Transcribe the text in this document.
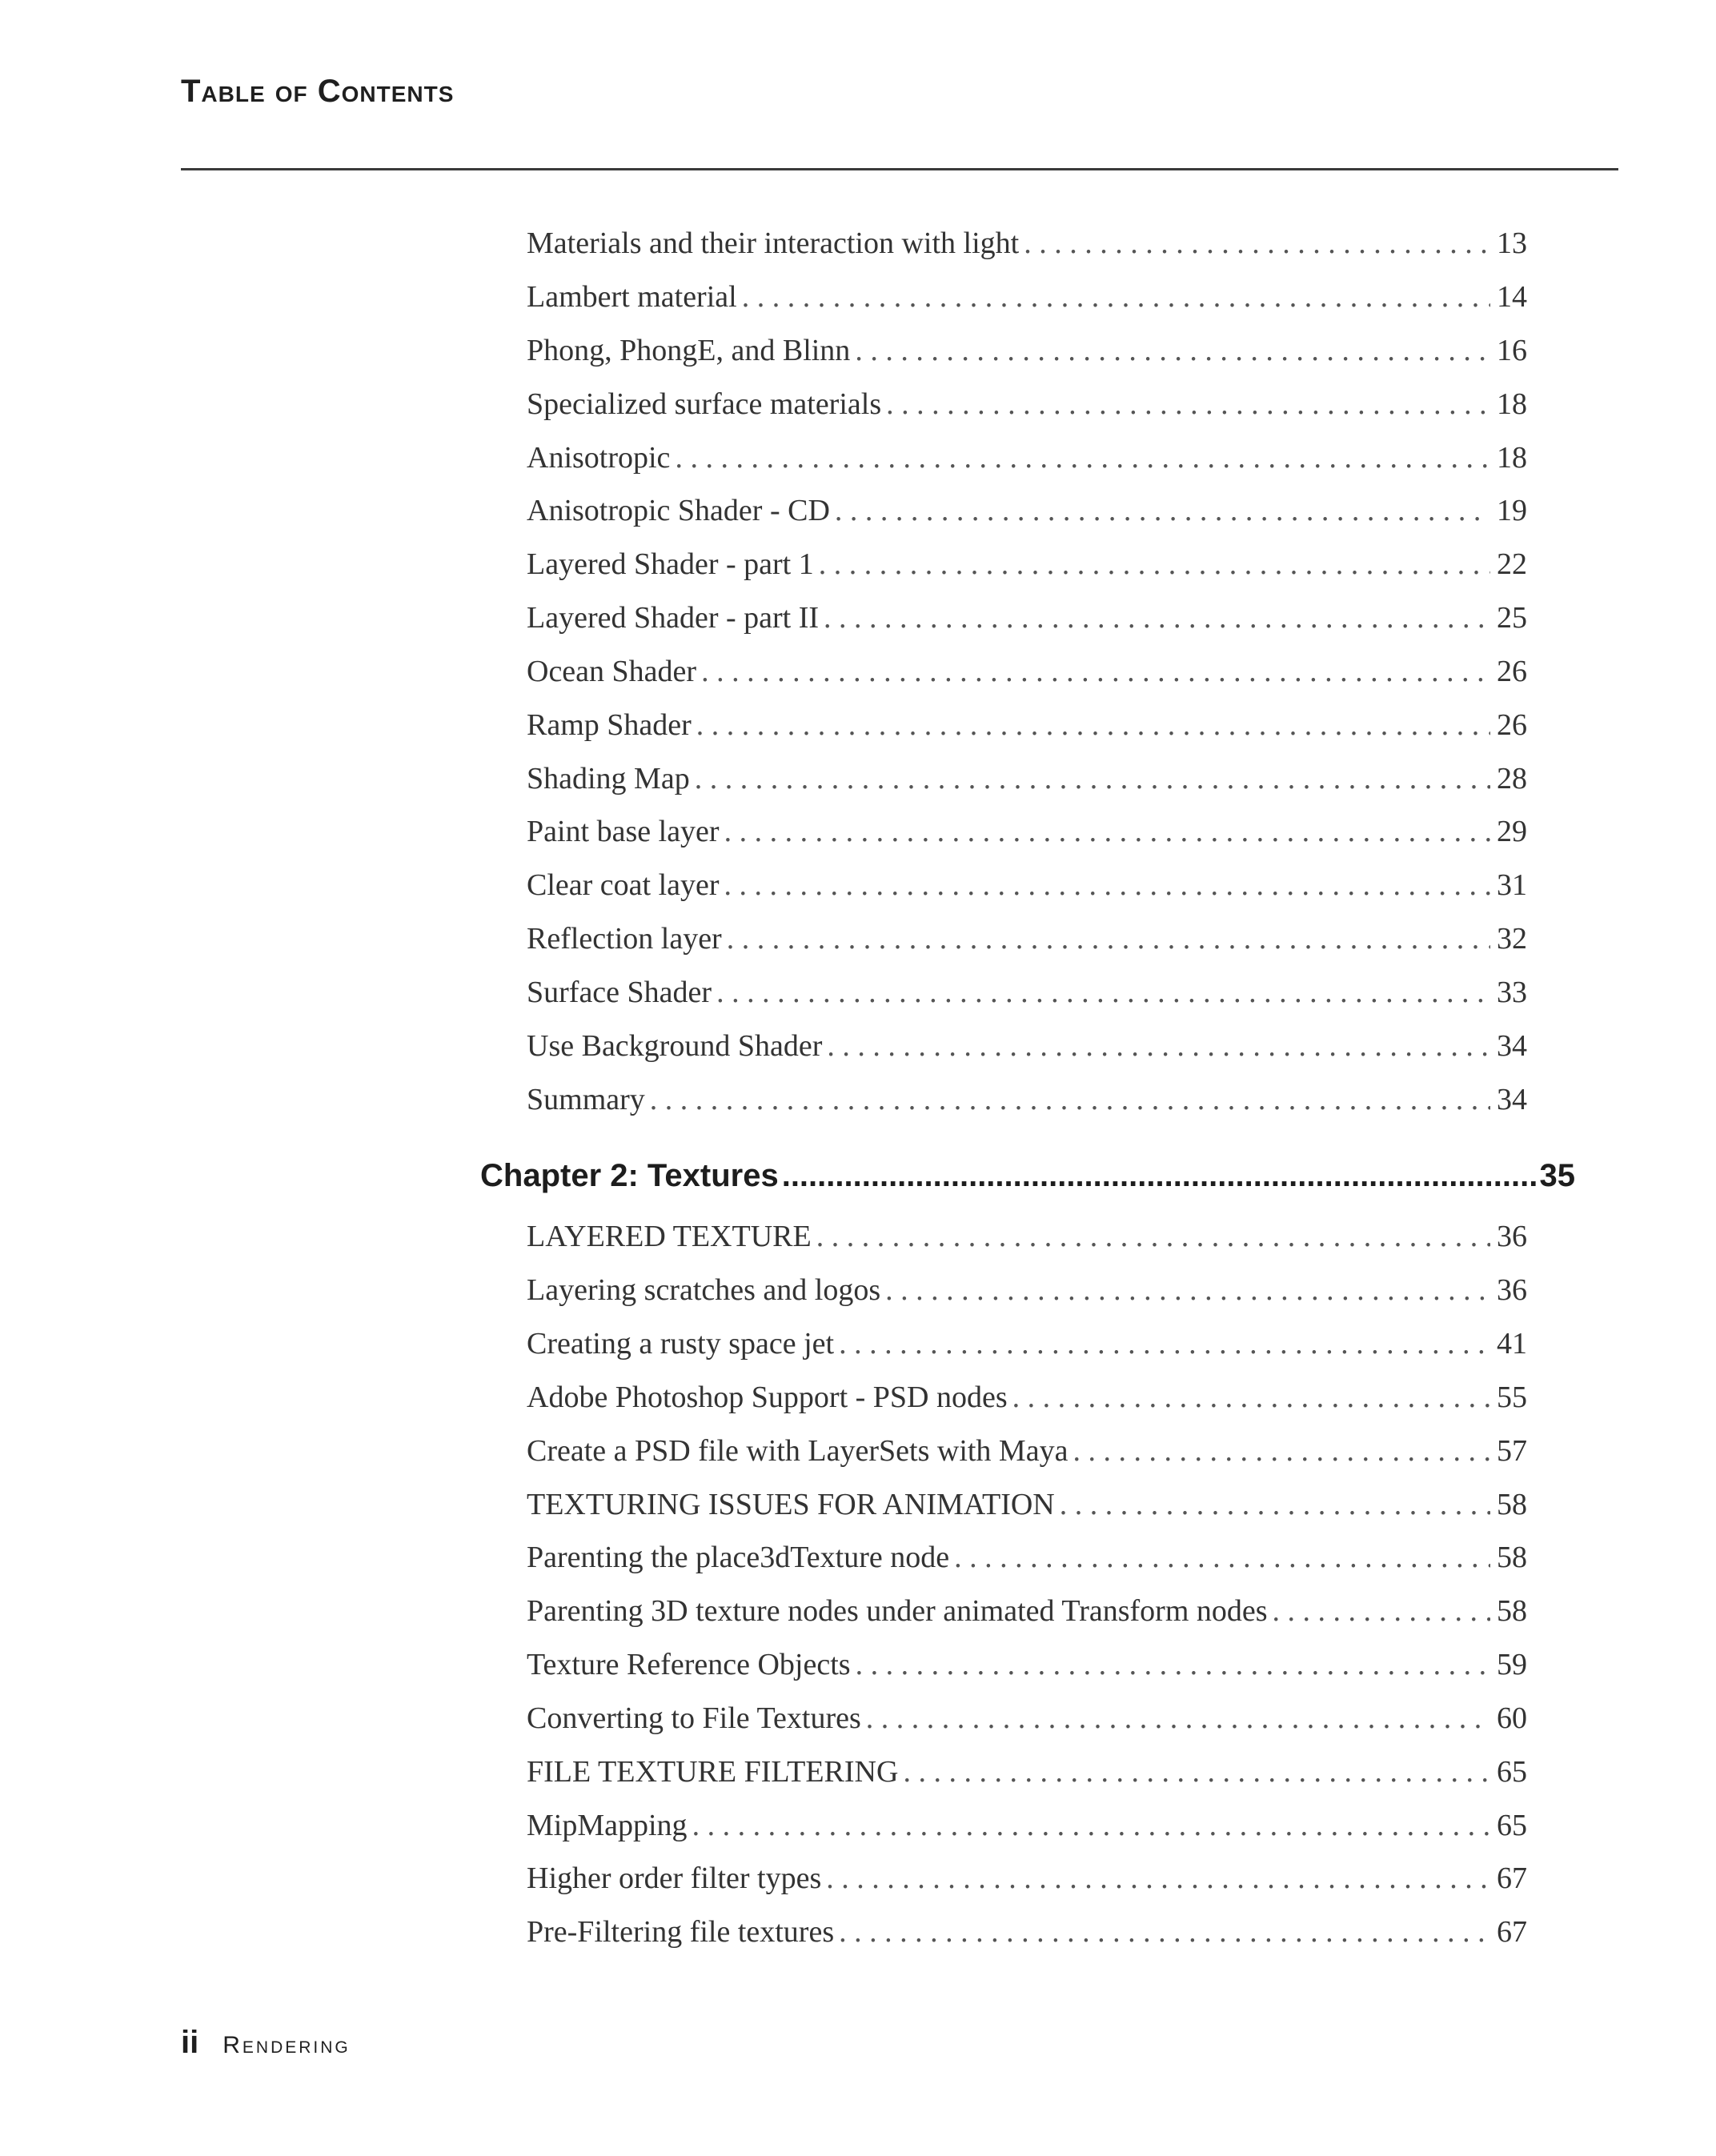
Table of Contents
Materials and their interaction with light . . .	13
Lambert material . . .	14
Phong, PhongE, and Blinn . . .	16
Specialized surface materials . . .	18
Anisotropic . . .	18
Anisotropic Shader - CD . . .	19
Layered Shader - part 1 . . .	22
Layered Shader - part II . . .	25
Ocean Shader . . .	26
Ramp Shader . . .	26
Shading Map . . .	28
Paint base layer . . .	29
Clear coat layer . . .	31
Reflection layer . . .	32
Surface Shader . . .	33
Use Background Shader . . .	34
Summary . . .	34
Chapter 2: Textures .....	35
LAYERED TEXTURE . . .	36
Layering scratches and logos . . .	36
Creating a rusty space jet . . .	41
Adobe Photoshop Support - PSD nodes . . .	55
Create a PSD file with LayerSets with Maya . . .	57
TEXTURING ISSUES FOR ANIMATION . . .	58
Parenting the place3dTexture node . . .	58
Parenting 3D texture nodes under animated Transform nodes . . .	58
Texture Reference Objects . . .	59
Converting to File Textures . . .	60
FILE TEXTURE FILTERING . . .	65
MipMapping . . .	65
Higher order filter types . . .	67
Pre-Filtering file textures . . .	67
ii Rendering
